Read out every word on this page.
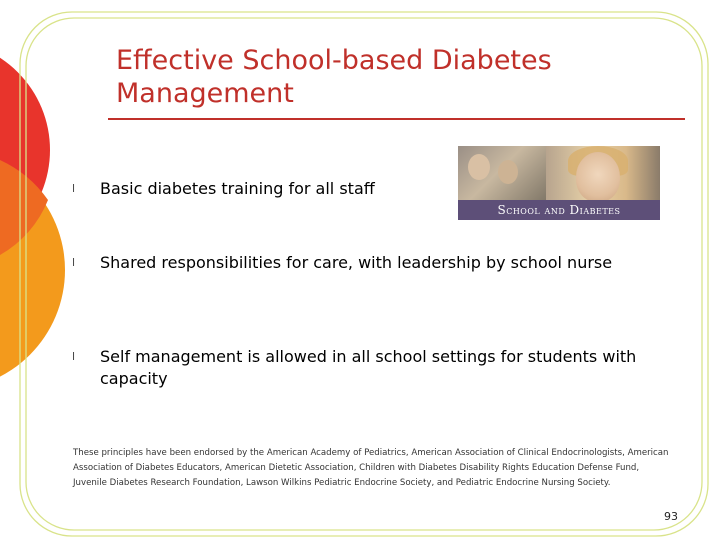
Effective School-based Diabetes Management
School and Diabetes
l Basic diabetes training for all staff
l Shared responsibilities for care, with leadership by school nurse
l Self management is allowed in all school settings for students with capacity
These principles have been endorsed by the American Academy of Pediatrics, American Association of Clinical Endocrinologists, American Association of Diabetes Educators, American Dietetic Association, Children with Diabetes Disability Rights Education Defense Fund, Juvenile Diabetes Research Foundation, Lawson Wilkins Pediatric Endocrine Society, and Pediatric Endocrine Nursing Society.
93
